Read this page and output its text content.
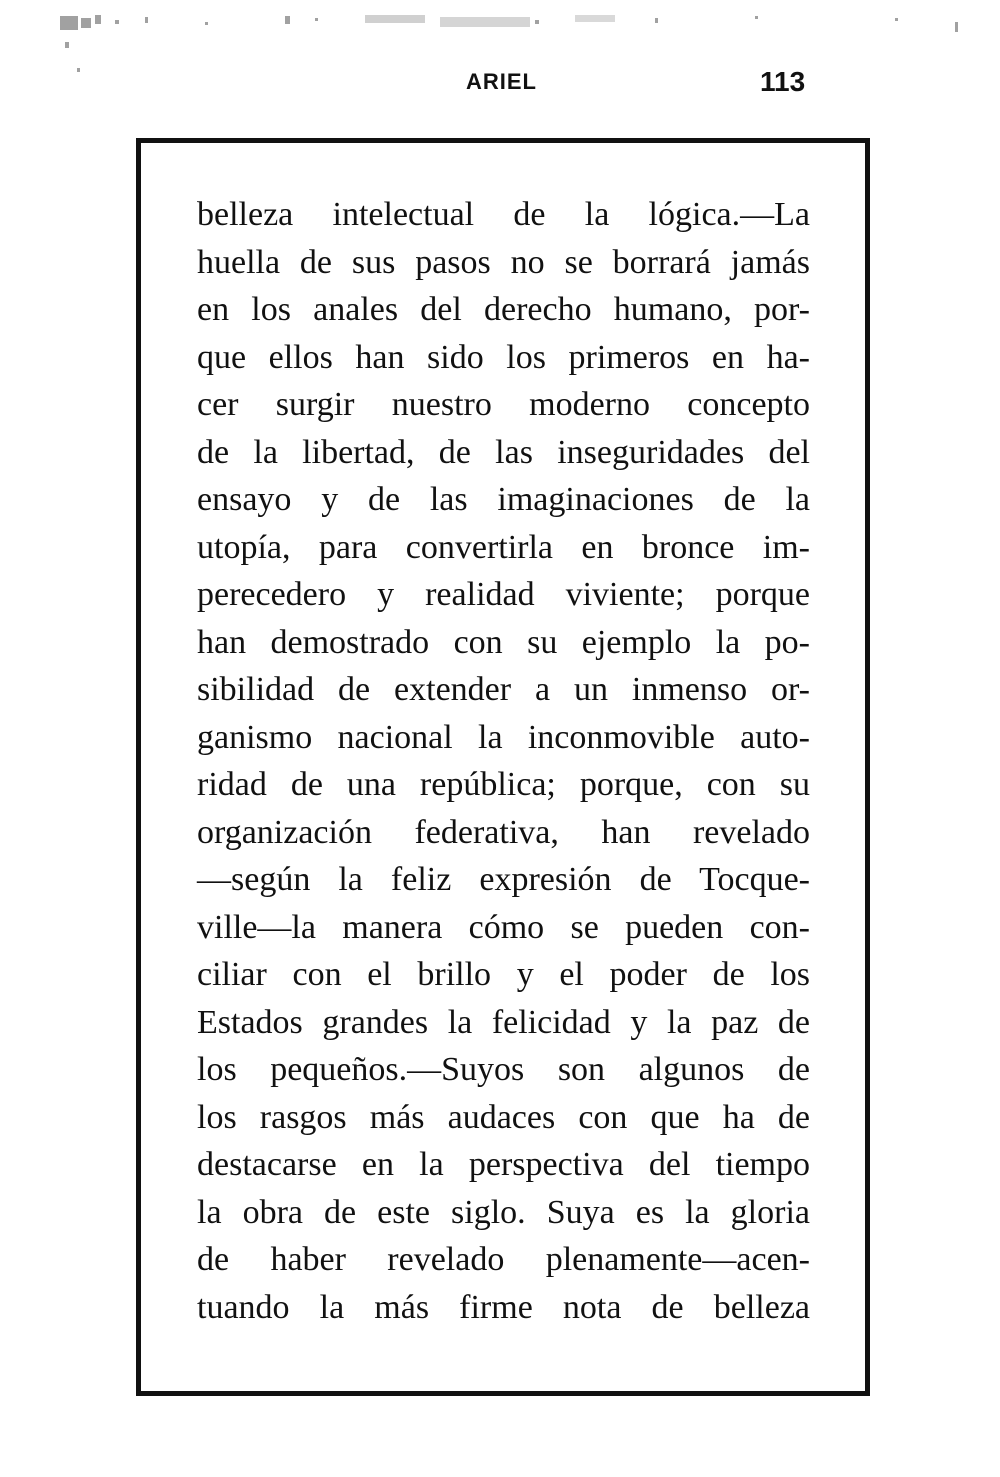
ARIEL	113
belleza intelectual de la lógica.—La
huella de sus pasos no se borrará jamás
en los anales del derecho humano, por-
que ellos han sido los primeros en ha-
cer surgir nuestro moderno concepto
de la libertad, de las inseguridades del
ensayo y de las imaginaciones de la
utopía, para convertirla en bronce im-
perecedero y realidad viviente; porque
han demostrado con su ejemplo la po-
sibilidad de extender a un inmenso or-
ganismo nacional la inconmovible auto-
ridad de una república; porque, con su
organización federativa, han revelado
—según la feliz expresión de Tocque-
ville—la manera cómo se pueden con-
ciliar con el brillo y el poder de los
Estados grandes la felicidad y la paz de
los pequeños.—Suyos son algunos de
los rasgos más audaces con que ha de
destacarse en la perspectiva del tiempo
la obra de este siglo. Suya es la gloria
de haber revelado plenamente—acen-
tuando la más firme nota de belleza
